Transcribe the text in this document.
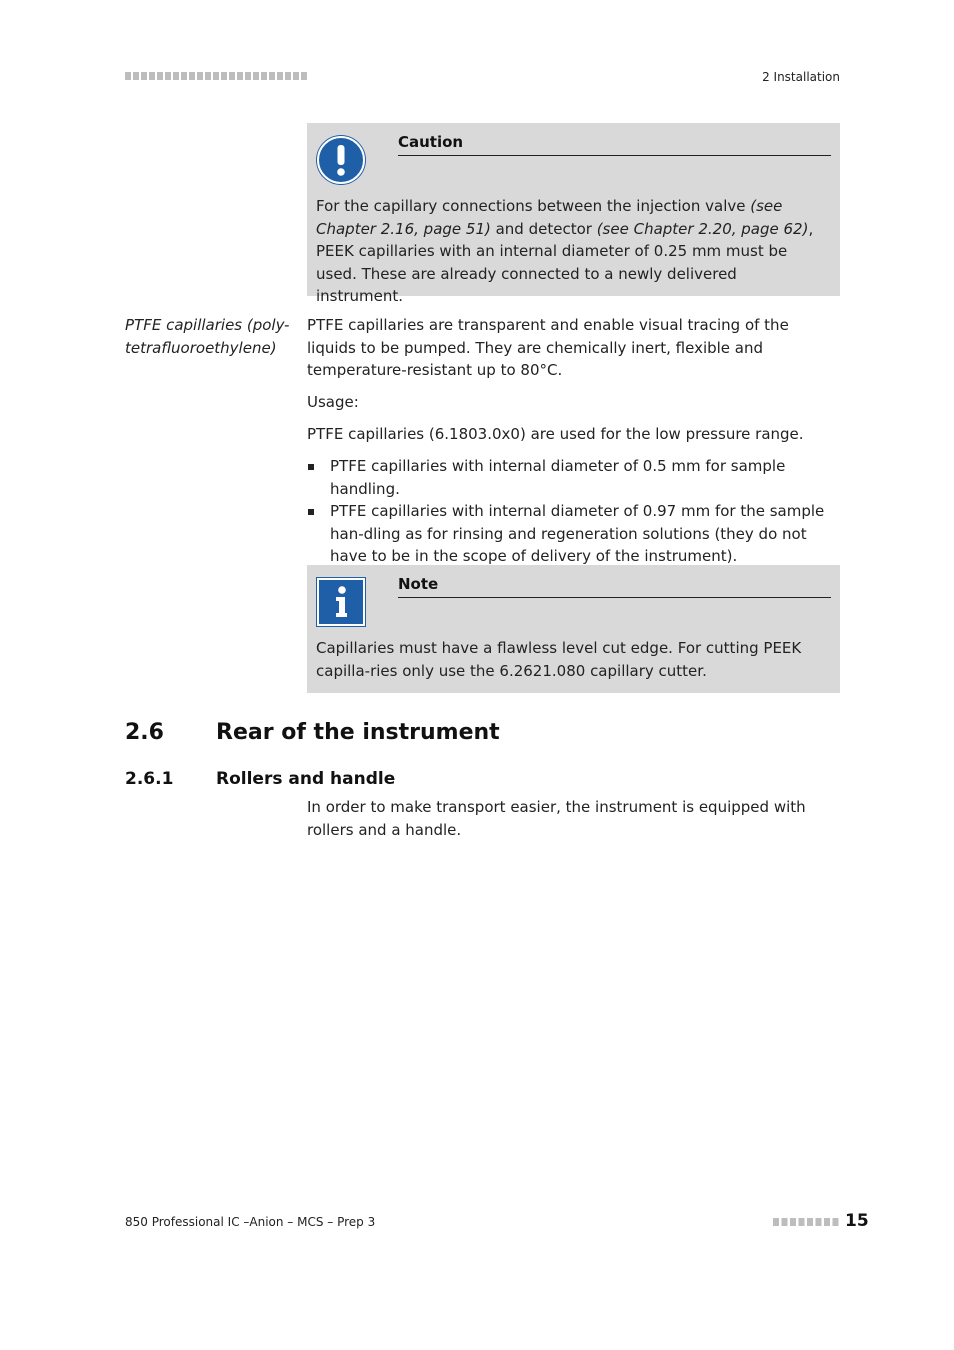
2 Installation
Caution
For the capillary connections between the injection valve (see Chapter 2.16, page 51) and detector (see Chapter 2.20, page 62), PEEK capillaries with an internal diameter of 0.25 mm must be used. These are already connected to a newly delivered instrument.
PTFE capillaries (poly-tetrafluoroethylene)
PTFE capillaries are transparent and enable visual tracing of the liquids to be pumped. They are chemically inert, flexible and temperature-resistant up to 80°C.
Usage:
PTFE capillaries (6.1803.0x0) are used for the low pressure range.
PTFE capillaries with internal diameter of 0.5 mm for sample handling.
PTFE capillaries with internal diameter of 0.97 mm for the sample han-dling as for rinsing and regeneration solutions (they do not have to be in the scope of delivery of the instrument).
Note
Capillaries must have a flawless level cut edge. For cutting PEEK capilla-ries only use the 6.2621.080 capillary cutter.
2.6 Rear of the instrument
2.6.1	Rollers and handle
In order to make transport easier, the instrument is equipped with rollers and a handle.
850 Professional IC –Anion – MCS – Prep 3	15
